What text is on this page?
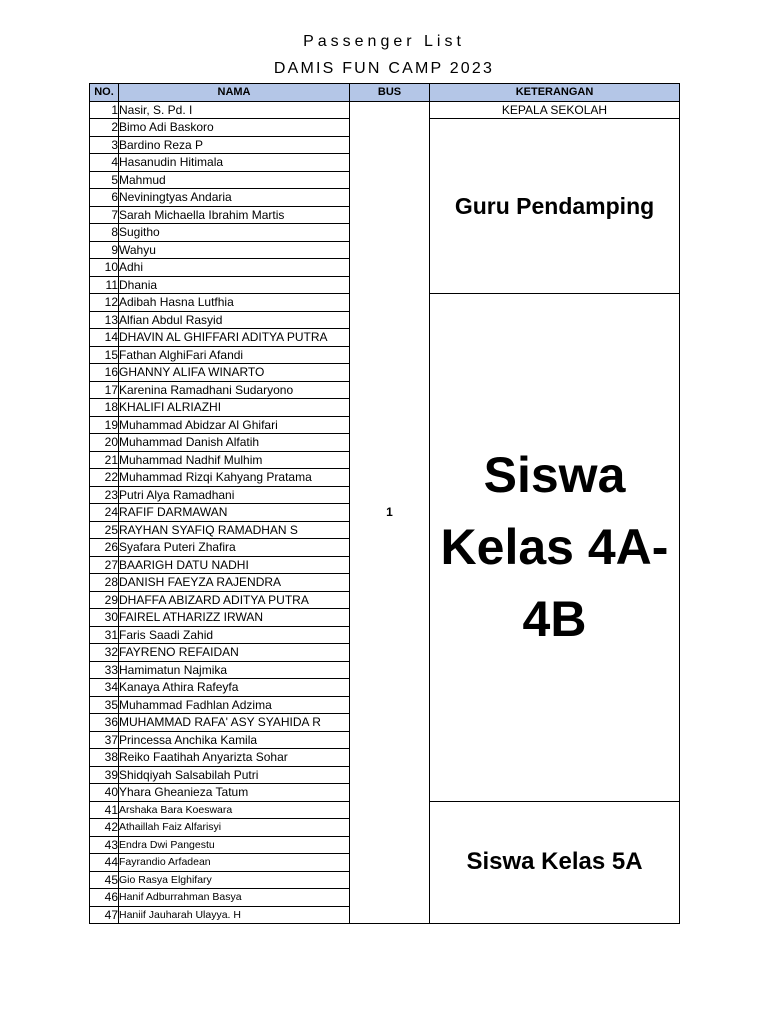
Passenger List
DAMIS FUN CAMP 2023
NO.	NAMA	BUS	KETERANGAN
1	Nasir, S. Pd. I	1	KEPALA SEKOLAH
2	Bimo Adi Baskoro		Guru Pendamping
3	Bardino Reza P		
4	Hasanudin Hitimala		
5	Mahmud		
6	Neviningtyas Andaria		
7	Sarah Michaella Ibrahim Martis		
8	Sugitho		
9	Wahyu		
10	Adhi		
11	Dhania		
12	Adibah Hasna Lutfhia		Siswa
Kelas 4A-
4B

13	Alfian Abdul Rasyid		
14	DHAVIN AL GHIFFARI ADITYA PUTRA		
15	Fathan AlghiFari Afandi		
16	GHANNY ALIFA WINARTO		
17	Karenina Ramadhani Sudaryono		
18	KHALIFI ALRIAZHI		
19	Muhammad Abidzar Al Ghifari		
20	Muhammad Danish Alfatih		
21	Muhammad Nadhif Mulhim		
22	Muhammad Rizqi Kahyang Pratama		
23	Putri Alya Ramadhani		
24	RAFIF DARMAWAN		
25	RAYHAN SYAFIQ RAMADHAN S		
26	Syafara Puteri Zhafira		
27	BAARIGH DATU NADHI		
28	DANISH FAEYZA RAJENDRA		
29	DHAFFA ABIZARD ADITYA PUTRA		
30	FAIREL ATHARIZZ IRWAN		
31	Faris Saadi Zahid		
32	FAYRENO REFAIDAN		
33	Hamimatun Najmika		
34	Kanaya Athira Rafeyfa		
35	Muhammad Fadhlan Adzima		
36	MUHAMMAD RAFA' ASY SYAHIDA R		
37	Princessa Anchika Kamila		
38	Reiko Faatihah Anyarizta Sohar		
39	Shidqiyah Salsabilah Putri		
40	Yhara Gheanieza Tatum		
41	Arshaka Bara Koeswara		Siswa Kelas 5A
42	Athaillah Faiz Alfarisyi		
43	Endra Dwi Pangestu		
44	Fayrandio Arfadean		
45	Gio Rasya Elghifary		
46	Hanif Adburrahman Basya		
47	Haniif Jauharah Ulayya. H		
